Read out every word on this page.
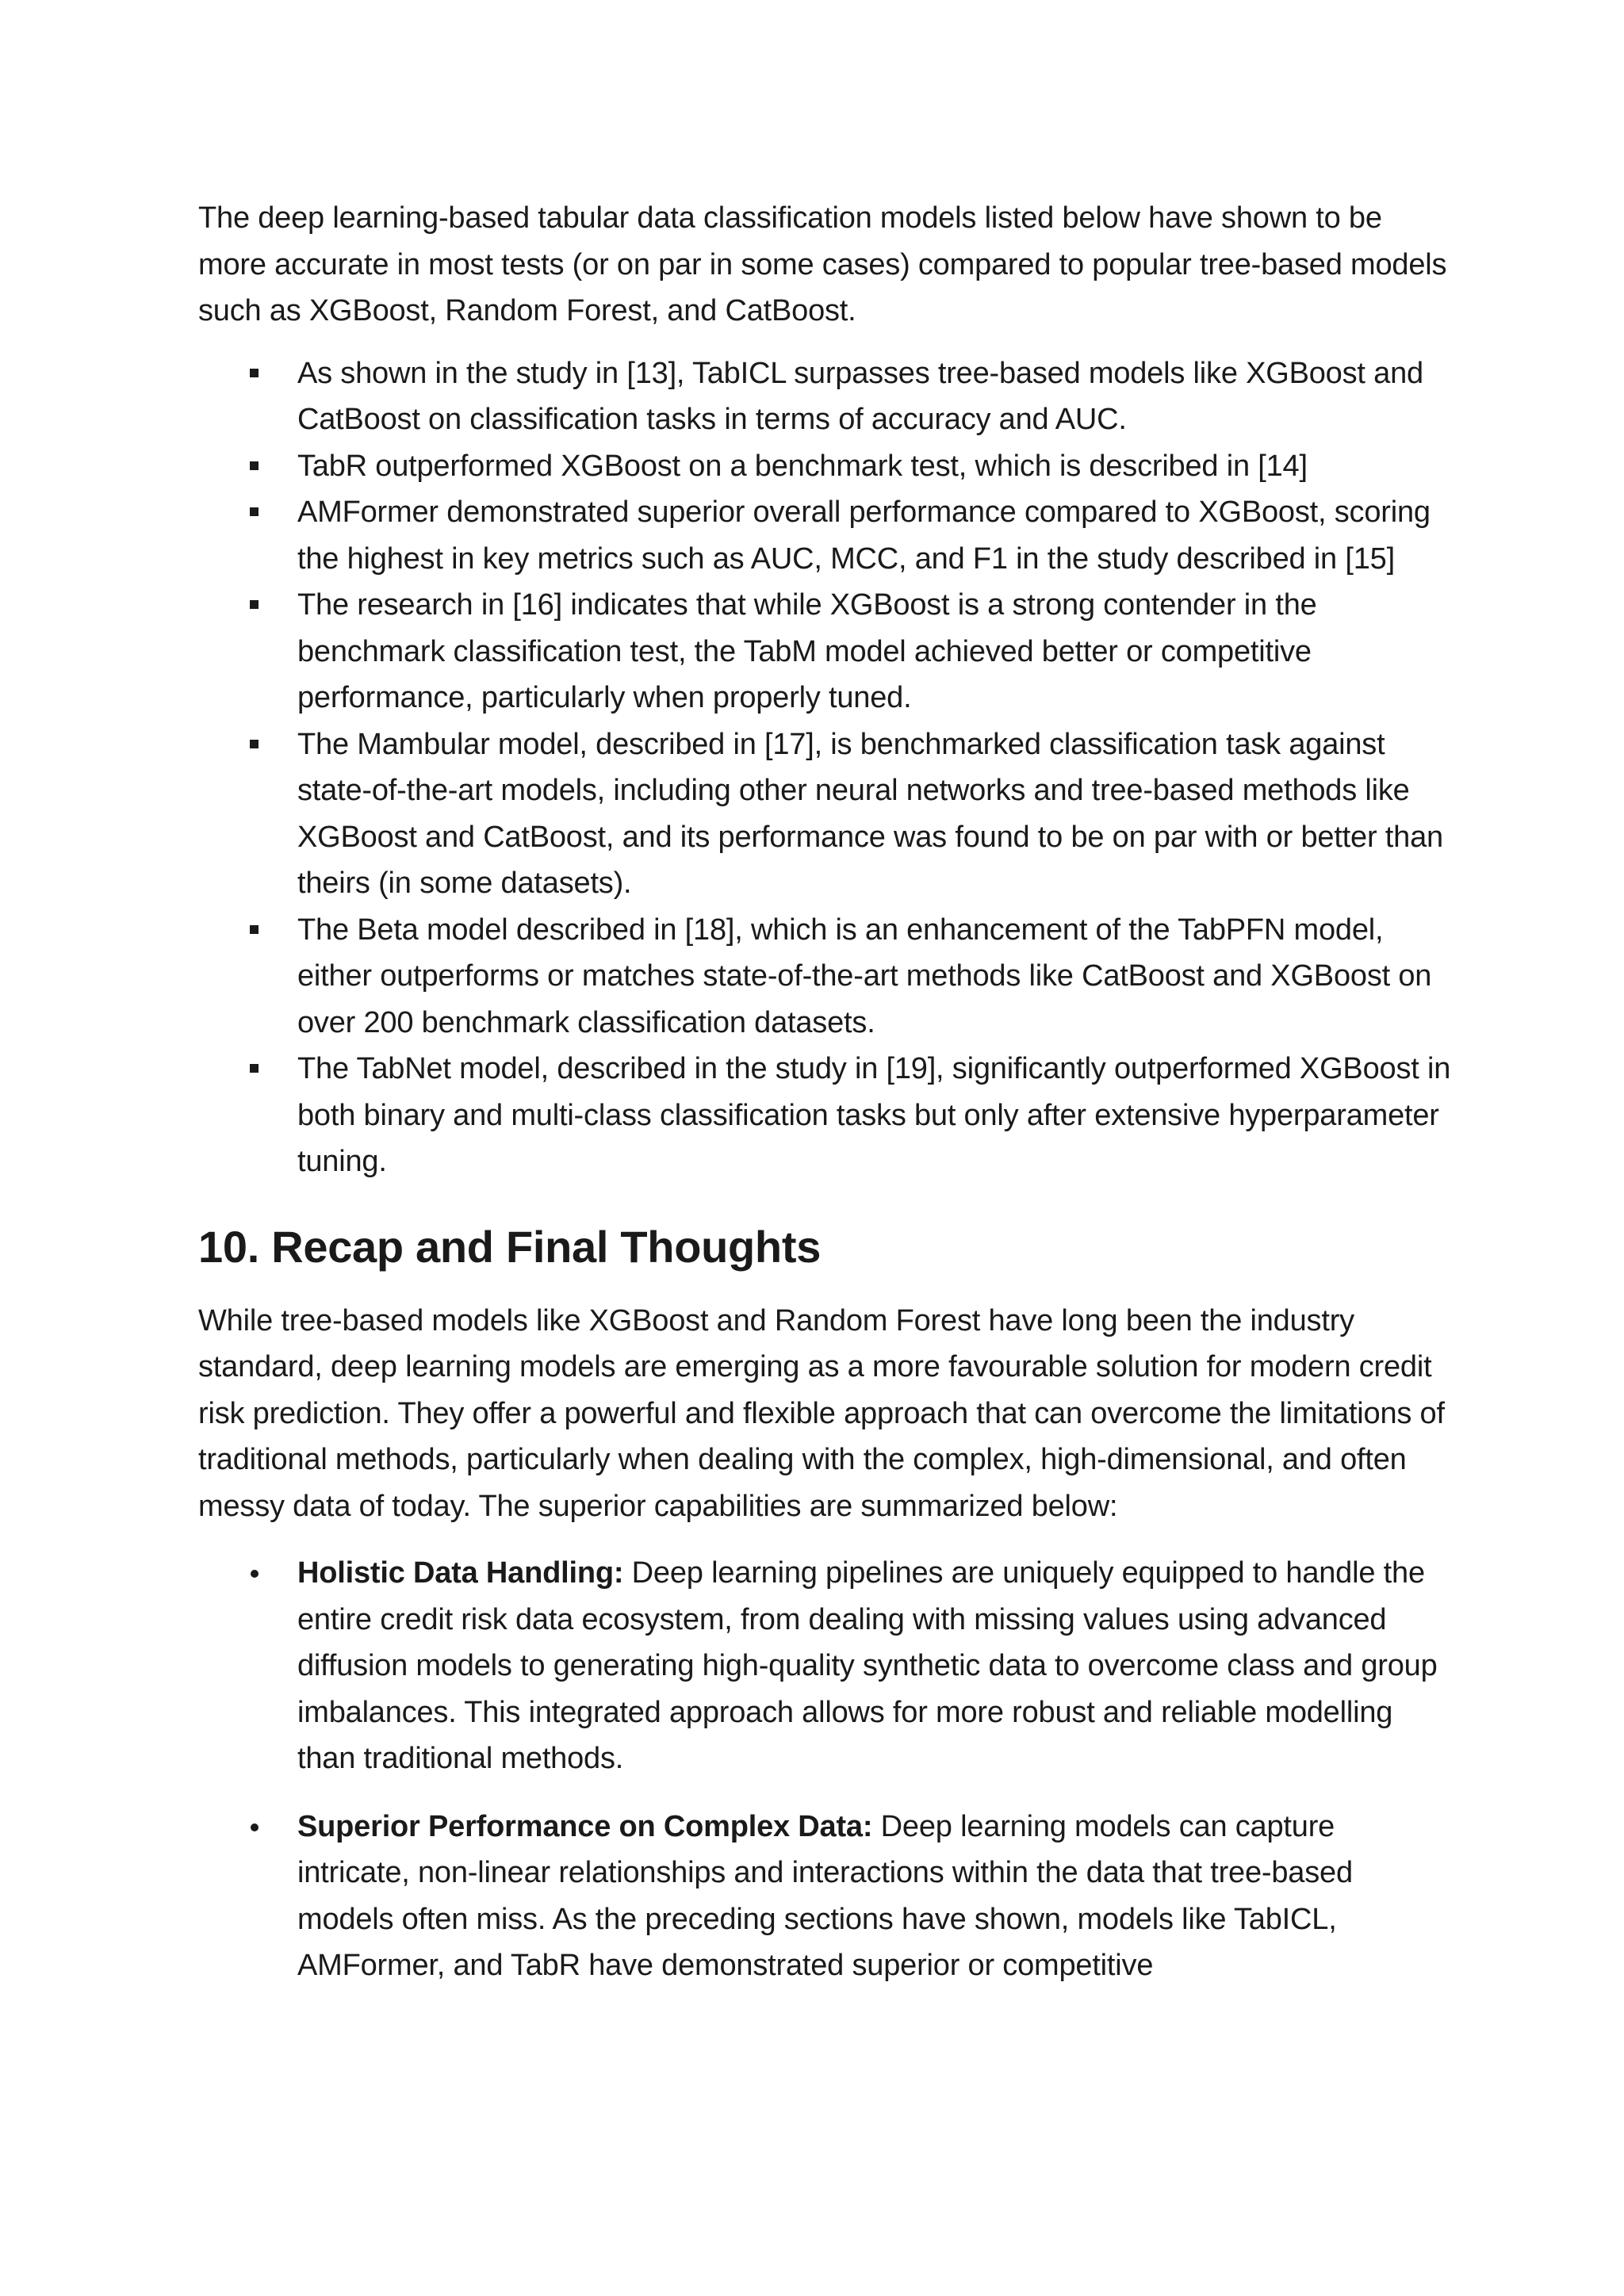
The deep learning-based tabular data classification models listed below have shown to be more accurate in most tests (or on par in some cases) compared to popular tree-based models such as XGBoost, Random Forest, and CatBoost.

As shown in the study in [13], TabICL surpasses tree-based models like XGBoost and CatBoost on classification tasks in terms of accuracy and AUC.
TabR outperformed XGBoost on a benchmark test, which is described in [14]
AMFormer demonstrated superior overall performance compared to XGBoost, scoring the highest in key metrics such as AUC, MCC, and F1 in the study described in [15]
The research in [16] indicates that while XGBoost is a strong contender in the benchmark classification test, the TabM model achieved better or competitive performance, particularly when properly tuned.
The Mambular model, described in [17], is benchmarked classification task against state-of-the-art models, including other neural networks and tree-based methods like XGBoost and CatBoost, and its performance was found to be on par with or better than theirs (in some datasets).
The Beta model described in [18], which is an enhancement of the TabPFN model, either outperforms or matches state-of-the-art methods like CatBoost and XGBoost on over 200 benchmark classification datasets.
The TabNet model, described in the study in [19], significantly outperformed XGBoost in both binary and multi-class classification tasks but only after extensive hyperparameter tuning.
10. Recap and Final Thoughts

While tree-based models like XGBoost and Random Forest have long been the industry standard, deep learning models are emerging as a more favourable solution for modern credit risk prediction. They offer a powerful and flexible approach that can overcome the limitations of traditional methods, particularly when dealing with the complex, high-dimensional, and often messy data of today. The superior capabilities are summarized below:

Holistic Data Handling: Deep learning pipelines are uniquely equipped to handle the entire credit risk data ecosystem, from dealing with missing values using advanced diffusion models to generating high-quality synthetic data to overcome class and group imbalances. This integrated approach allows for more robust and reliable modelling than traditional methods.
Superior Performance on Complex Data: Deep learning models can capture intricate, non-linear relationships and interactions within the data that tree-based models often miss. As the preceding sections have shown, models like TabICL, AMFormer, and TabR have demonstrated superior or competitive
